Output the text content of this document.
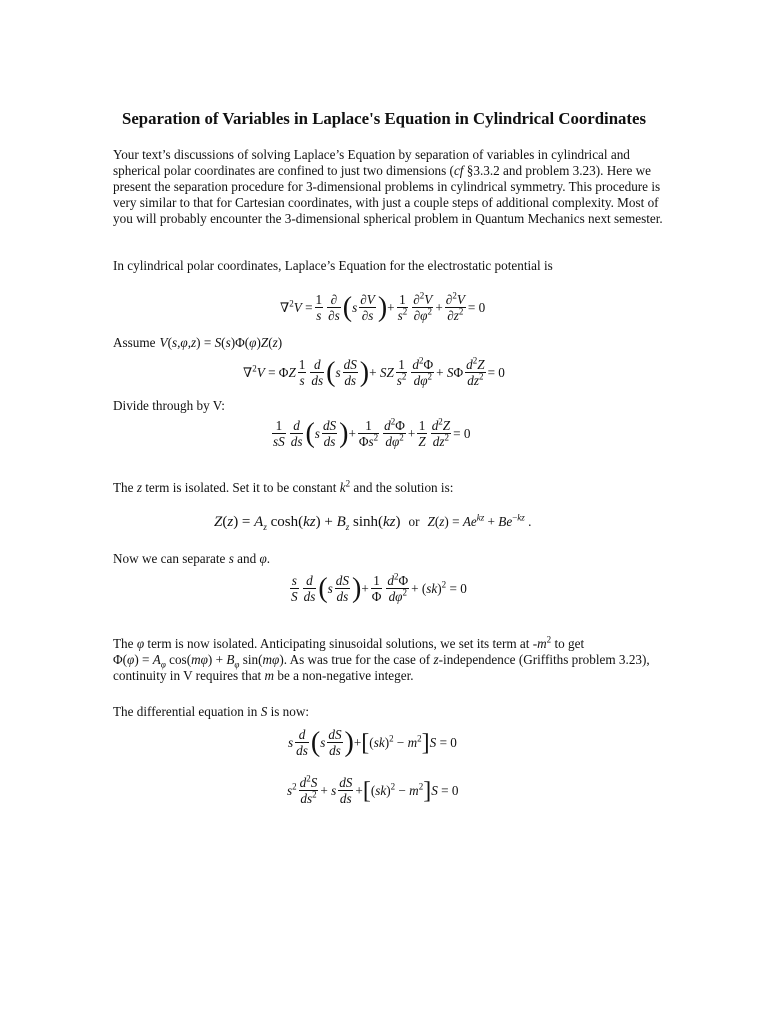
Separation of Variables in Laplace's Equation in Cylindrical Coordinates

Your text’s discussions of solving Laplace’s Equation by separation of variables in cylindrical and spherical polar coordinates are confined to just two dimensions (cf §3.3.2 and problem 3.23). Here we present the separation procedure for 3-dimensional problems in cylindrical symmetry. This procedure is very similar to that for Cartesian coordinates, with just a couple steps of additional complexity. Most of you will probably encounter the 3-dimensional spherical problem in Quantum Mechanics next semester.

In cylindrical polar coordinates, Laplace’s Equation for the electrostatic potential is

$\nabla^2V = \frac{1}{s} \frac{\partial}{\partial s}$ ( s $\frac{\partial V}{\partial s}$ ) + $\frac{1}{s^2} \frac{\partial^2V}{\partial\varphi^2} + \frac{\partial^2V}{\partial z^2} = 0$
Assume V(s,φ,z) = S(s)Φ(φ)Z(z)
∇$^2$V = ΦZ $\frac{1}{s} \frac{d}{ds}$ ( s $\frac{dS}{ds}$ ) + SZ $\frac{1}{s^2} \frac{d^2\Phi}{d\varphi^2} + S\Phi \frac{d^2Z}{dz^2} = 0$

Divide through by V:

$\frac{1}{sS} \frac{d}{ds}$ ( s $\frac{dS}{ds}$ ) + $\frac{1}{\Phi s^2} \frac{d^2\Phi}{d\varphi^2} + \frac{1}{Z} \frac{d^2Z}{dz^2} = 0$

The z term is isolated. Set it to be constant $k^2$ and the solution is:

$Z(z) = A_z$ $\cosh(kz) + B_z$ sinh(kz) or $Z(z) = Ae^{kz} + Be^{-kz}$ .

Now we can separate s and φ.

$\frac{s}{S} \frac{d}{ds}$ ( s $\frac{dS}{ds}$ ) + $\frac{1}{\Phi} \frac{d^2\Phi}{d\varphi^2} + (sk)^2 = 0$

The φ term is now isolated. Anticipating sinusoidal solutions, we set its term at $-m^2$ to get
$\Phi(\varphi) = A_\varphi$ $\cos(m\varphi) + B_\varphi$ sin(mφ). As was true for the case of z-independence (Griffiths problem 3.23), continuity in V requires that m be a non-negative integer.

The differential equation in S is now:

s $\frac{d}{ds}$ ( s $\frac{dS}{ds}$ ) + [ $(sk)^2 - m^2$ ] S = 0
$s^2 \frac{d^2S}{ds^2} + s \frac{dS}{ds}$ + [ $(sk)^2 - m^2$ ] S = 0
